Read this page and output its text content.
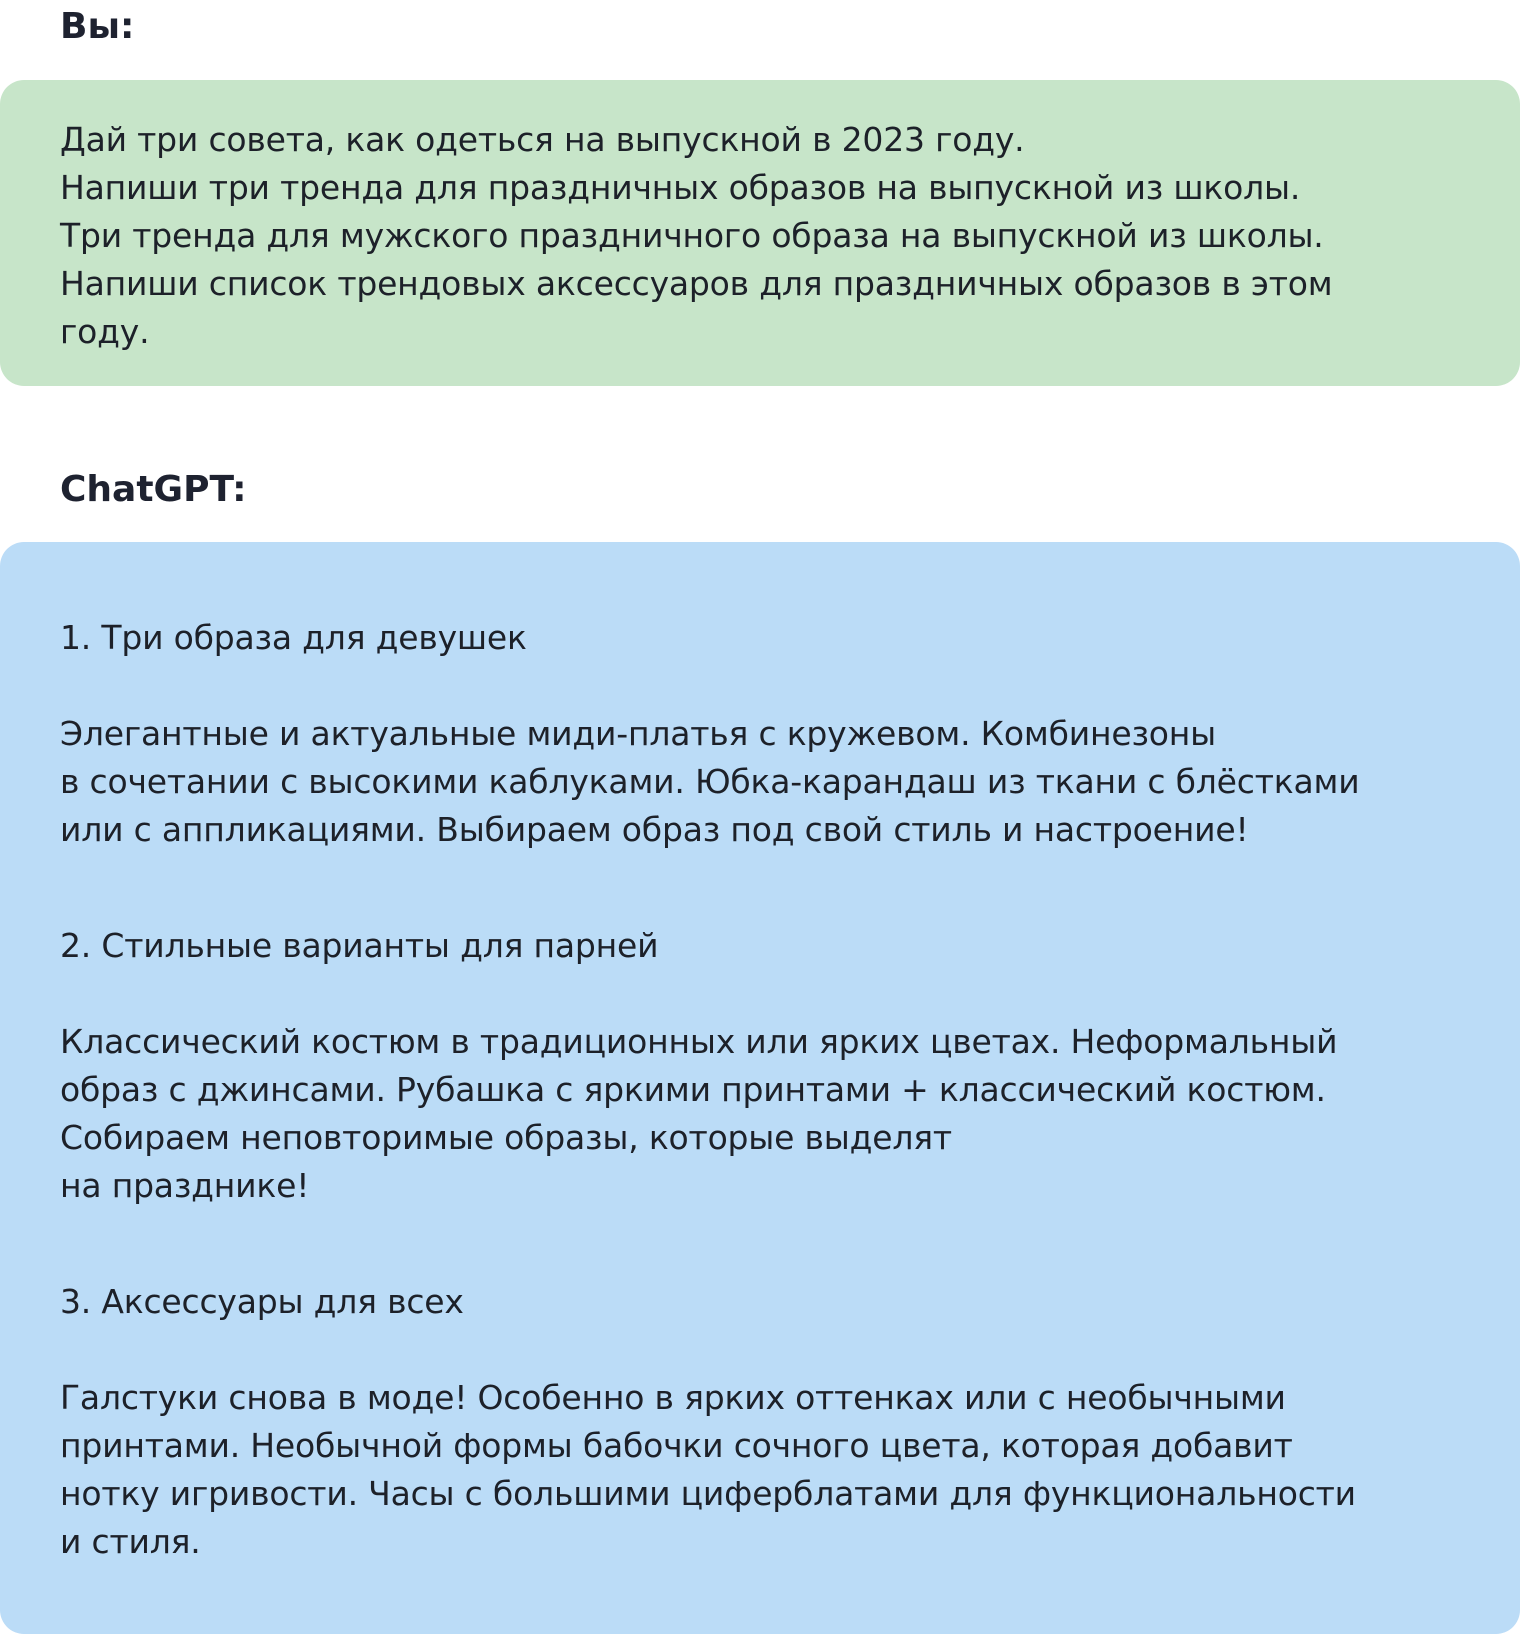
Вы:
Дай три совета, как одеться на выпускной в 2023 году.
Напиши три тренда для праздничных образов на выпускной из школы.
Три тренда для мужского праздничного образа на выпускной из школы.
Напиши список трендовых аксессуаров для праздничных образов в этом
году.
ChatGPT:
1. Три образа для девушек
Элегантные и актуальные миди-платья с кружевом. Комбинезоны
в сочетании с высокими каблуками. Юбка-карандаш из ткани с блёстками
или с аппликациями. Выбираем образ под свой стиль и настроение!
2. Стильные варианты для парней
Классический костюм в традиционных или ярких цветах. Неформальный
образ с джинсами. Рубашка с яркими принтами + классический костюм.
Собираем неповторимые образы, которые выделят
на празднике!
3. Аксессуары для всех
Галстуки снова в моде! Особенно в ярких оттенках или с необычными
принтами. Необычной формы бабочки сочного цвета, которая добавит
нотку игривости. Часы с большими циферблатами для функциональности
и стиля.
